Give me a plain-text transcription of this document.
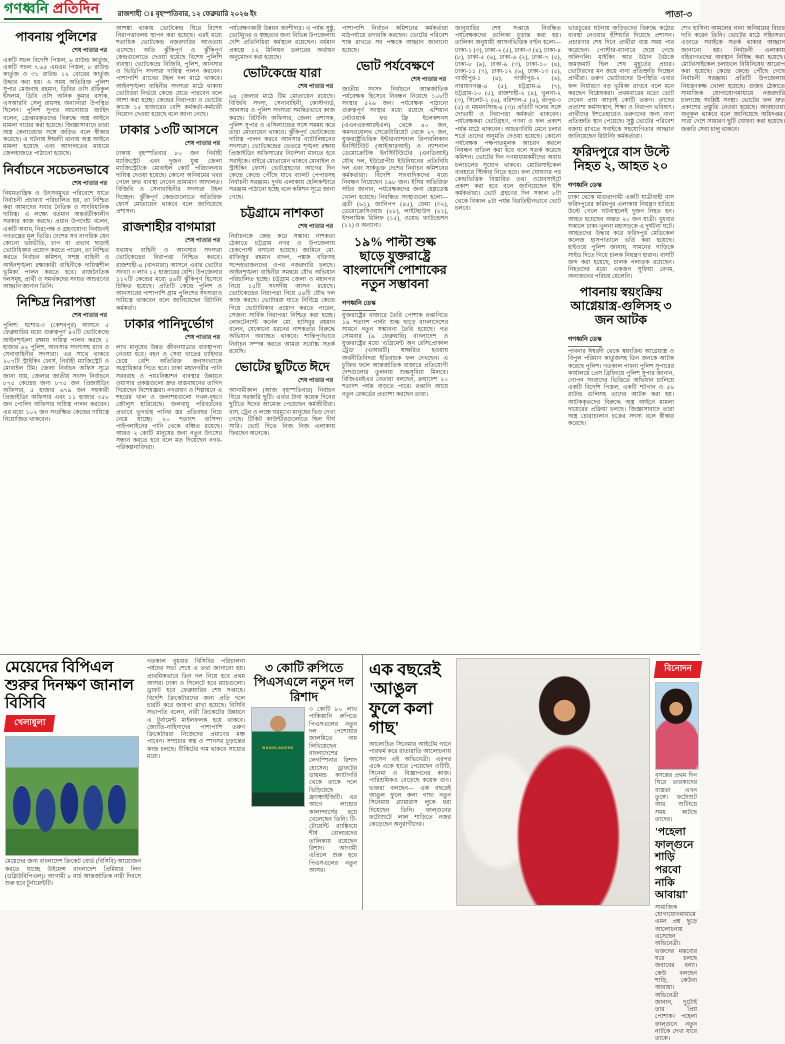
গণধ্বনি প্রতিদিন	রাজশাহী ঃ বৃহস্পতিবার, ১২ ফেব্রুয়ারি ২০২৬ ইং	পাতা-৩
পাবনায় পুলিশের
শেষ পাতার পর
একটি সচল বিদেশি পিস্তল, ৬ রাউন্ড কার্তুজ, একটি সচল ৭.৬৫ এমএম পিস্তল, ৮ রাউন্ড কার্তুজ ও ৩১ রাউন্ড ১২ বোরের কার্তুজ উদ্ধার করা হয়। এ সময় অতিরিক্ত পুলিশ সুপার মেজবাহ রহমান, ডিবির ওসি রফিকুল ইসলাম, ডিবি ওসি অনিক কুমার বসাক, এসআরবি সেলু রায়সহ অন্যান্যরা উপস্থিত ছিলেন। পুলিশ সুপার আনোয়ার জাহিদ বলেন, গ্রেপ্তারকৃতদের বিরুদ্ধে অস্ত্র আইনে মামলা দায়ের করা হয়েছে। জিজ্ঞাসাবাদে তারা অস্ত্র কেনাবেচার সঙ্গে জড়িত বলে স্বীকার করেছে। এ ঘটনায় ঈশ্বরদী থানায় অস্ত্র আইনে মামলা হয়েছে এবং আদালতের মাধ্যমে জেলহাজতে পাঠানো হয়েছে।
নির্বাচনে সচেতনভাবে
শেষ পাতার পর
নিয়মতান্ত্রিক ও উৎসবমুখর পরিবেশে যাতে নির্বাচনী প্রচারণা পরিচালিত হয়, তা নিশ্চিত করা আমাদের সবার নৈতিক ও সাংবিধানিক দায়িত্ব। এ লক্ষ্যে বর্তমান অন্তর্বর্তীকালীন সরকার কাজ করছে। প্রধান উপদেষ্টা বলেন, একটি অবাধ, নিরপেক্ষ ও গ্রহণযোগ্য নির্বাচনই গণতন্ত্রের মূল ভিত্তি। দেশের সব নাগরিক যেন কোনো ভয়ভীতি, চাপ বা প্রভাব ছাড়াই ভোটাধিকার প্রয়োগ করতে পারেন, তা নিশ্চিত করতে নির্বাচন কমিশন, সশস্ত্র বাহিনী ও আইনশৃঙ্খলা রক্ষাকারী বাহিনীকে দায়িত্বশীল ভূমিকা পালন করতে হবে। রাজনৈতিক দলসমূহ, প্রার্থী ও সমর্থকদের সংযত আচরণের আহ্বান জানান তিনি।
নিশ্চিদ্র নিরাপত্তা
শেষ পাতার পর
পুলিশ: যশোর-৩ (কেশবপুর) আসনে ৫ ফেব্রুয়ারির মধ্যে গুরুত্বপূর্ণ ৪২টি ভোটকেন্দ্রে আইনশৃঙ্খলা রক্ষায় দায়িত্ব পালন করছে ১ হাজার ৬২ পুলিশ, আনসার সদস্যসহ র‌্যাব ও সেনাবাহিনীর সদস্যরা। এর সাথে থাকবে ২০৭টি স্ট্রাইকিং ফোর্স, নির্বাহী ম্যাজিস্ট্রেট ও মোবাইল টিম। জেলা নির্বাচন অফিস সূত্রে জানা যায়, জেলার জাতীয় সংসদ নির্বাচনে ৮৭৫ কেন্দ্রের জন্য ৮৭৫ জন প্রিজাইডিং অফিসার, ৫ হাজার ৬৭৯ জন সহকারী প্রিজাইডিং অফিসার এবং ১১ হাজার ৩৫৮ জন পোলিং অফিসার দায়িত্ব পালন করবেন। এর মধ্যে ১০২ জন সংরক্ষিত কেন্দ্রের দায়িত্বে নিয়োজিত থাকবেন।
আশঙ্কা থাকায় ভোটকেন্দ্র ঘিরে বিশেষ নিরাপত্তাবলয় স্থাপন করা হয়েছে। এরই মধ্যে শতাধিক ভোটকেন্দ্র নজরদারির আওতায় এসেছে। অতি ঝুঁকিপূর্ণ ও ঝুঁকিপূর্ণ কেন্দ্রগুলোতে দেওয়া হয়েছে বিশেষ পুলিশি ব্যবস্থা। ভোটকেন্দ্রে বিজিবি, পুলিশ, আনসার ও ভিডিপি সদস্যরা দায়িত্ব পালন করবেন। পাশাপাশি র‌্যাবের টহল দল মাঠে থাকবে। আইনশৃঙ্খলা বাহিনীর সদস্যরা মাঠে থাকায় ভোটাররা নির্ভয়ে কেন্দ্রে যেতে পারবেন বলে আশা করা হচ্ছে। কেন্দ্রের নিরাপত্তা ও ভোটের কাজে ১৫ হাজারের বেশি কর্মকর্তা-কর্মচারী নিয়োগ দেওয়া হয়েছে বলে জানা গেছে।
ঢাকার ১৩টি আসনে
শেষ পাতার পর
ঢাকায় বৃহস্পতিবার ৮০ জন নির্বাহী ম্যাজিস্ট্রেট এবং দুজন যুগ্ম জেলা ম্যাজিস্ট্রেটকে মোবাইল কোর্ট পরিচালনার দায়িত্ব দেওয়া হয়েছে। কোনো অনিয়মের খবর পেলে দ্রুত ব্যবস্থা নেবেন ভ্রাম্যমাণ আদালত। বিজিবি ও সেনাবাহিনীর সদস্যরা টহল দিচ্ছেন। ঝুঁকিপূর্ণ কেন্দ্রগুলোতে অতিরিক্ত ফোর্স মোতায়েন থাকবে বলে জানিয়েছে প্রশাসন।
রাজশাহীর বাগমারা
শেষ পাতার পর
যথাযথ বাহিনী ও আনসার সদস্যরা ভোটকেন্দ্রের নিরাপত্তা নিশ্চিত করবে। রাজশাহী-৪ (বাগমারা) আসনে এবার ভোটার সংখ্যা ৩ লাখ ১২ হাজারের বেশি। উপজেলার ১১২টি কেন্দ্রের মধ্যে ৪৬টি ঝুঁকিপূর্ণ হিসেবে চিহ্নিত হয়েছে। প্রতিটি কেন্দ্রে পুলিশ ও আনসারের পাশাপাশি গ্রাম পুলিশের সদস্যরাও দায়িত্বে থাকবেন বলে জানিয়েছেন রিটার্নিং কর্মকর্তা।
ঢাকার পানিদুর্ভোগ
শেষ পাতার পর
লাখ মানুষের উন্নত জীবনযাত্রার ব্যবস্থাপনা নেওয়া হবে। বহন ও সেবা খাতের চাহিদার চেয়ে বেশি অতিরিক্ত জনসংখ্যাকে অগ্রাধিকার দিতে হবে। ঢাকা মহানগরীর পানি সরবরাহ ও পয়ঃনিষ্কাশন ব্যবস্থার উন্নয়নে ওয়াসার প্রকল্পগুলো দ্রুত বাস্তবায়নের তাগিদ দিয়েছেন বিশেষজ্ঞরা। নগরায়ণ ও শিল্পায়নে এ শহরের খাল ও জলাশয়গুলো দখল-দূষণে জৌলুস হারিয়েছে। জলবায়ু পরিবর্তনের প্রভাবে ভূগর্ভস্থ পানির স্তর প্রতিবছর নিচে নেমে যাচ্ছে। ২০ শতাংশ বাসিন্দা পাইপলাইনের পানি থেকে বঞ্চিত রয়েছে। আরও ২ কোটি মানুষের জন্য নতুন উৎসের সন্ধান করতে হবে বলে মত দিয়েছেন নগর-পরিকল্পনাবিদরা।
পর্যবেক্ষণকারী উন্নয়ন অংশীদার। এ পর্যন্ত সুষ্ঠু, ভোটমুখর ও স্বচ্ছতার জন্য বিভিন্ন উপজেলায় দেশি প্রতিনিধিরা কর্মস্থলে রয়েছেন। বর্ধমান প্রকল্পে ১২ মিলিয়ন ডলারের অর্থায়ন অনুমোদন করা হয়েছে।
ভোটকেন্দ্রে যারা
শেষ পাতার পর
৬৪ জেলার মাঠে টিম মোতায়েন রয়েছে। বিজিবি সদস্য, সেনাবাহিনী, কোস্টগার্ড, আনসার ও পুলিশ সদস্যরা সমন্বিতভাবে কাজ করছে। রিটার্নিং অফিসার, জেলা প্রশাসক, পুলিশ সুপার ও এসিল্যান্ডের সঙ্গে সমন্বয় করে তারা মোতায়েন থাকবে। ঝুঁকিপূর্ণ ভোটকেন্দ্রে দায়িত্ব পালন করবে আনসার ব্যাটালিয়নের সদস্যরা। ভোটকেন্দ্রের ভেতরে শৃঙ্খলা রক্ষায় প্রিজাইডিং অফিসারের নির্দেশনা মানতে হবে সবাইকে। বাইরে মোতায়েন থাকবে মোবাইল ও স্ট্রাইকিং ফোর্স। ভোটগ্রহণের আগের দিন কেন্দ্রে কেন্দ্রে পৌঁছে যাবে ব্যালট পেপারসহ নির্বাচনী সরঞ্জাম। দুর্গম এলাকায় হেলিকপ্টারে সরঞ্জাম পাঠানো হচ্ছে বলে কমিশন সূত্রে জানা গেছে।
চট্টগ্রামে নাশকতা
শেষ পাতার পর
নির্বাচনকে কেন্দ্র করে সম্ভাব্য নাশকতা ঠেকাতে চট্টগ্রাম নগর ও উপজেলায় চেকপোস্ট বসানো হয়েছে। জামিনে মো. রাফিজুর রহমান বাদল, পঙ্কজ বক্তিসহ সন্দেহভাজনদের ওপর নজরদারি চলছে। আইনশৃঙ্খলা বাহিনীর সমন্বয়ে যৌথ অভিযান পরিচালিত হচ্ছে। চট্টগ্রাম জেলা ও মহানগর নিয়ে ১৫টি সংসদীয় আসন রয়েছে। ভোটকেন্দ্রের নিরাপত্তা নিয়ে ৫৪টি যৌথ দল কাজ করছে। ভোটাররা যাতে নির্বিঘ্নে কেন্দ্রে গিয়ে ভোটাধিকার প্রয়োগ করতে পারেন, সেজন্য সার্বিক নিরাপত্তা নিশ্চিত করা হচ্ছে। লেফটেন্যান্ট কর্নেল মো. হাসিবুর রহমান বলেন, যেকোনো ধরনের নাশকতার বিরুদ্ধে অভিযান অব্যাহত থাকবে। শান্তিপূর্ণভাবে নির্বাচন সম্পন্ন করতে আমরা সর্বোচ্চ সতর্ক রয়েছি।
ভোটের ছুটিতে ঈদে
শেষ পাতার পর
আগামীকাল (আজ বৃহস্পতিবার) নির্বাচন ঘিরে সরকারি ছুটি। এবার টানা কয়েক দিনের ছুটিতে ঈদের আমেজ পেয়েছেন কর্মজীবীরা। বাস, ট্রেন ও লঞ্চে ঘরমুখো মানুষের ভিড় দেখা গেছে। টিকিট কাউন্টারগুলোতে ছিল দীর্ঘ সারি। ভোট দিতে নিজ নিজ এলাকায় ফিরছেন অনেকে।
পাশাপাশি নির্বাচন কমিশনের কর্মকর্তারা মাঠপর্যায়ে তদারকি করছেন। ভোটের পরিবেশ শান্ত রাখতে সব পক্ষকে আহ্বান জানানো হয়েছে।
ভোট পর্যবেক্ষণে
শেষ পাতার পর
জাতীয় সংসদ নির্বাচনে আন্তর্জাতিক পর্যবেক্ষক হিসেবে নিবন্ধন নিয়েছে ১০৮টি সংস্থার ৫২৬ জন। পর্যবেক্ষক পাঠানো গুরুত্বপূর্ণ সংস্থার মধ্যে রয়েছে এশিয়ান নেটওয়ার্ক ফর ফ্রি ইলেকশনস (এএনএফআরইএল) থেকে ৪০ জন, কমনওয়েলথ সেক্রেটারিয়েট থেকে ২৭ জন, যুক্তরাষ্ট্রভিত্তিক ইন্টারন্যাশনাল রিপাবলিকান ইনস্টিটিউট (আইআরআই) ও ন্যাশনাল ডেমোক্রেটিক ইনস্টিটিউটের (এনডিআই) যৌথ দল, ইউরোপীয় ইউনিয়নের প্রতিনিধি দল এবং সার্কভুক্ত দেশের নির্বাচন কমিশনের কর্মকর্তারা। বিদেশি সাংবাদিকদের মধ্যে নিবন্ধন নিয়েছেন ১৯৮ জন। ইসির অতিরিক্ত সচিব জানান, পর্যবেক্ষকদের জন্য হেল্পডেস্ক খোলা হয়েছে। নিবন্ধিত সংস্থাগুলো হলো— ব্রতী (৬১), জানিপপ (৪৫), ফেমা (৩২), ডেমোক্রেসিওয়াচ (২৮), লাইটহাউস (২১), ইসলামিক রিলিফ (১৫), ওয়েভ ফাউন্ডেশন (১২) ও অন্যান্য।
১৯% পাল্টা শুল্ক ছাড়ে যুক্তরাষ্ট্রে বাংলাদেশি পোশাকের নতুন সম্ভাবনা
গণধ্বনি ডেস্ক
যুক্তরাষ্ট্রের বাজারে তৈরি পোশাক রপ্তানিতে ১৯ শতাংশ পাল্টা শুল্ক ছাড়ে বাংলাদেশের সামনে নতুন সম্ভাবনা তৈরি হয়েছে। গত সোমবার (৯ ফেব্রুয়ারি) বাংলাদেশ ও যুক্তরাষ্ট্রের মধ্যে 'এগ্রিমেন্ট অন রেসিপ্রোকাল ট্রেড' (এআরটি) স্বাক্ষরিত হওয়ায় অর্থনীতিবিদরা ইতিবাচক ফল দেখছেন। এ চুক্তির ফলে আন্তর্জাতিক বাজারে প্রতিযোগী দেশগুলোর তুলনায় শুল্কসুবিধা মিলবে। বিজিএমইএর নেতারা বলছেন, ক্রয়াদেশ ২০ শতাংশ পর্যন্ত বাড়তে পারে। রপ্তানি আয়ে নতুন রেকর্ডের প্রত্যাশা করছেন তারা।
জানুয়ারির শেষ সপ্তাহে নিবন্ধিত পর্যবেক্ষকদের তালিকা চূড়ান্ত করা হয়। তালিকা অনুযায়ী আসনভিত্তিক বণ্টন হলো— ঢাকা-১ (৩), ঢাকা-২ (৫), ঢাকা-৩ (৪), ঢাকা-৪ (৮), ঢাকা-৫ (৬), ঢাকা-৬ (২), ঢাকা-৭ (৫), ঢাকা-৮ (৯), ঢাকা-৯ (৩), ঢাকা-১০ (৪), ঢাকা-১১ (৭), ঢাকা-১২ (৬), ঢাকা-১৩ (৫), গাজীপুর-১ (৪), গাজীপুর-২ (৬), নারায়ণগঞ্জ-৪ (৫), চট্টগ্রাম-৯ (৭), চট্টগ্রাম-১০ (৫), রাজশাহী-২ (৪), খুলনা-২ (৩), সিলেট-১ (৬), বরিশাল-৫ (৪), রংপুর-৩ (৫) ও ময়মনসিংহ-৪ (৩)। প্রতিটি দলের সঙ্গে দোভাষী ও নিরাপত্তা কর্মকর্তা থাকবেন। পর্যবেক্ষকরা ভোটগ্রহণ, গণনা ও ফল প্রকাশ পর্যন্ত মাঠে থাকবেন। আচরণবিধি মেনে চলার শর্তে তাদের অনুমতি দেওয়া হয়েছে। কোনো পর্যবেক্ষক পক্ষপাতমূলক আচরণ করলে নিবন্ধন বাতিল করা হবে বলে সতর্ক করেছে কমিশন। ভোটের দিন গণমাধ্যমকর্মীদের অবাধ চলাচলের সুযোগ থাকবে। মোটরসাইকেল ব্যবহারে স্টিকার নিতে হবে। ফল ঘোষণার পর কেন্দ্রভিত্তিক বিস্তারিত তথ্য ওয়েবসাইটে প্রকাশ করা হবে বলে জানিয়েছেন ইসি কর্মকর্তারা। ভোট গ্রহণের দিন সকাল ৮টা থেকে বিকাল ৪টা পর্যন্ত বিরতিহীনভাবে ভোট চলবে।
ভাঙচুরের ঘটনায় জড়িতদের বিরুদ্ধে কঠোর ব্যবস্থা নেওয়ার হুঁশিয়ারি দিয়েছে প্রশাসন। প্রচারণার শেষ দিনে প্রার্থীরা ব্যস্ত সময় পার করেছেন। পোস্টার-ব্যানারে ছেয়ে গেছে অলিগলি। মাইকিং আর উঠান বৈঠকে জমজমাট ছিল শেষ মুহূর্তের প্রচার। ভোটারদের মন জয়ে নানা প্রতিশ্রুতি দিচ্ছেন প্রার্থীরা। তরুণ ভোটারদের উপস্থিতি এবার ফল নির্ধারণে বড় ভূমিকা রাখবে বলে মনে করছেন বিশ্লেষকরা। প্রথমবারের মতো ভোট দেবেন প্রায় আড়াই কোটি তরুণ। তাদের প্রত্যাশা কর্মসংস্থান, শিক্ষা ও নিরাপদ ভবিষ্যৎ। প্রার্থীদের ইশতেহারেও তরুণদের জন্য নানা প্রতিশ্রুতি স্থান পেয়েছে। সুষ্ঠু ভোটের পরিবেশ বজায় রাখতে সবাইকে সহযোগিতার আহ্বান জানিয়েছেন রিটার্নিং কর্মকর্তারা।
ফরিদপুরে বাস উল্টে নিহত ২, আহত ২০
গণধ্বনি ডেস্ক
ঢাকা থেকে মাগুরাগামী একটি যাত্রীবাহী বাস ফরিদপুরের করিমপুর এলাকায় নিয়ন্ত্রণ হারিয়ে উল্টে গেলে ঘটনাস্থলেই দুজন নিহত হন। আহত হয়েছেন অন্তত ২০ জন যাত্রী। বুধবার সকালে ঢাকা-খুলনা মহাসড়কে এ দুর্ঘটনা ঘটে। আহতদের উদ্ধার করে ফরিদপুর মেডিকেল কলেজ হাসপাতালে ভর্তি করা হয়েছে। হাইওয়ে পুলিশ জানায়, সামনের গাড়িকে সাইড দিতে গিয়ে চালক নিয়ন্ত্রণ হারান। বাসটি জব্দ করা হয়েছে, চালক পলাতক রয়েছেন। নিহতদের মধ্যে একজন সুফিয়া বেগম, অন্যজনের পরিচয় মেলেনি।
পাবনায় স্বয়ংক্রিয় আগ্নেয়াস্ত্র-গুলিসহ ৩ জন আটক
গণধ্বনি ডেস্ক
পাবনার ঈশ্বরদী থেকে স্বয়ংক্রিয় আগ্নেয়াস্ত্র ও বিপুল পরিমাণ কার্তুজসহ তিন জনকে আটক করেছে পুলিশ। গতকাল পাবনা পুলিশ সুপারের কার্যালয়ে প্রেস ব্রিফিংয়ে পুলিশ সুপার জানান, গোপন সংবাদের ভিত্তিতে অভিযান চালিয়ে একটি বিদেশি পিস্তল, একটি শটগান ও ৫৬ রাউন্ড গুলিসহ তাদের আটক করা হয়। আটককৃতদের বিরুদ্ধে অস্ত্র আইনে মামলা দায়েরের প্রক্রিয়া চলছে। জিজ্ঞাসাবাদে তারা অস্ত্র চোরাচালান চক্রের সদস্য বলে স্বীকার করেছে।
শেখ হাসিনা আমলের নানা অনিয়মের বিচার দাবি করেন তিনি। ভোটের মাঠে সহিংসতা এড়াতে সবাইকে সতর্ক থাকার আহ্বান জানানো হয়। নির্বাচনী এলাকায় বহিরাগতদের অবস্থান নিষিদ্ধ করা হয়েছে। মোটরসাইকেল চলাচলে বিধিনিষেধ আরোপ করা হয়েছে। কেন্দ্রে কেন্দ্রে পৌঁছে গেছে নির্বাচনী সরঞ্জাম। প্রতিটি উপজেলায় নিয়ন্ত্রণকক্ষ খোলা হয়েছে। গুজব ঠেকাতে সামাজিক যোগাযোগমাধ্যমে নজরদারি চালাচ্ছে সংশ্লিষ্ট সংস্থা। ভোটের ফল দ্রুত প্রকাশের প্রস্তুতি নেওয়া হয়েছে। আবহাওয়া অনুকূল থাকবে বলে জানিয়েছে অধিদপ্তর। সারা দেশে সাধারণ ছুটি ঘোষণা করা হয়েছে। জরুরি সেবা চালু থাকবে।
মেয়েদের বিপিএল শুরুর দিনক্ষণ জানাল বিসিবি
খেলাধুলা
মেয়েদের জন্য বাংলাদেশ ক্রিকেট বোর্ড (বিসিবি) আয়োজন করতে যাচ্ছে উইমেন্স বাংলাদেশ প্রিমিয়ার লিগ (ডব্লিউবিপিএল)। আগামী ৮ মার্চ আন্তর্জাতিক নারী দিবসে শুরু হবে টুর্নামেন্টটি।
গতকাল বুধবার বিসিবির পরিচালনা পর্ষদের সভা শেষে এ তথ্য জানানো হয়। প্রাথমিকভাবে তিন দল নিয়ে হবে প্রথম আসর। ঢাকা ও সিলেটে হবে ম্যাচগুলো। ড্রাফট হবে ফেব্রুয়ারির শেষ সপ্তাহে। বিদেশি ক্রিকেটারদের জন্য প্রতি দলে চারটি করে জায়গা রাখা হয়েছে। বিসিবি সভাপতি বলেন, নারী ক্রিকেটের উন্নয়নে এ টুর্নামেন্ট মাইলফলক হয়ে থাকবে। জ্যোতি-নাহিদাদের পাশাপাশি তরুণ ক্রিকেটাররা নিজেদের প্রমাণের মঞ্চ পাবেন। সম্প্রচার স্বত্ব ও স্পনসর চূড়ান্তের কাজ চলছে। টিকিটের দাম থাকবে সাধ্যের মধ্যে।
৩ কোটি রুপিতে পিএসএলে নতুন দল রিশাদ
BANGLADESH
৩ কোটি ৮০ লাখ পাকিস্তানি রুপিতে পিএসএলের নতুন দল পেশোয়ার জালমিতে নাম লিখিয়েছেন বাংলাদেশের লেগস্পিনার রিশাদ হোসেন। ড্রাফটের ডায়মন্ড ক্যাটাগরি থেকে তাকে দলে ভিড়িয়েছে ফ্র্যাঞ্চাইজিটি। এর আগে লাহোর কালান্দার্সের হয়ে খেলেছেন তিনি। টি-টোয়েন্টি র‍্যাঙ্কিংয়ে শীর্ষ বোলারদের তালিকায় রয়েছেন রিশাদ। আগামী এপ্রিলে শুরু হবে পিএসএলের নতুন আসর।
এক বছরেই 'আঙুল ফুলে কলা গাছ'
আলোচিত সিনেমার আইটেম গানে পারফর্ম করে রাতারাতি আলোচনায় আসেন এই অভিনেত্রী। এরপর একে একে হাতে পেয়েছেন ওটিটি, সিনেমা ও বিজ্ঞাপনের কাজ। পারিশ্রমিকও বেড়েছে কয়েক গুণ। ভক্তরা বলছেন— এক বছরেই আঙুল ফুলে কলা গাছ! নতুন সিনেমায় গ্ল্যামারাস লুকে ধরা দিয়েছেন তিনি। ফাল্গুনের ফটোশুটে লাল শাড়িতে নজর কেড়েছেন অনুরাগীদের।
বিনোদন
বসন্তের প্রথম দিন ঘিরে তারকাদের ব্যস্ততা এখন তুঙ্গে। ফটোশুট আর শুটিংয়ে সময় কাটছে তাদের।
'পহেলা ফাল্গুনে শাড়ি পরবো নাকি আবায়া'
সামাজিক যোগাযোগমাধ্যমে এমন প্রশ্ন ছুড়ে আলোচনায় এসেছেন অভিনেত্রী। ভক্তদের মন্তব্যের ঘরে চলছে জবাবের বন্যা। কেউ বলছেন শাড়ি, কেউবা আবায়া। অভিনেত্রী জানান, দুটোই তার প্রিয় পোশাক। পহেলা ফাল্গুনে নতুন নাটকে দেখা যাবে তাকে।
